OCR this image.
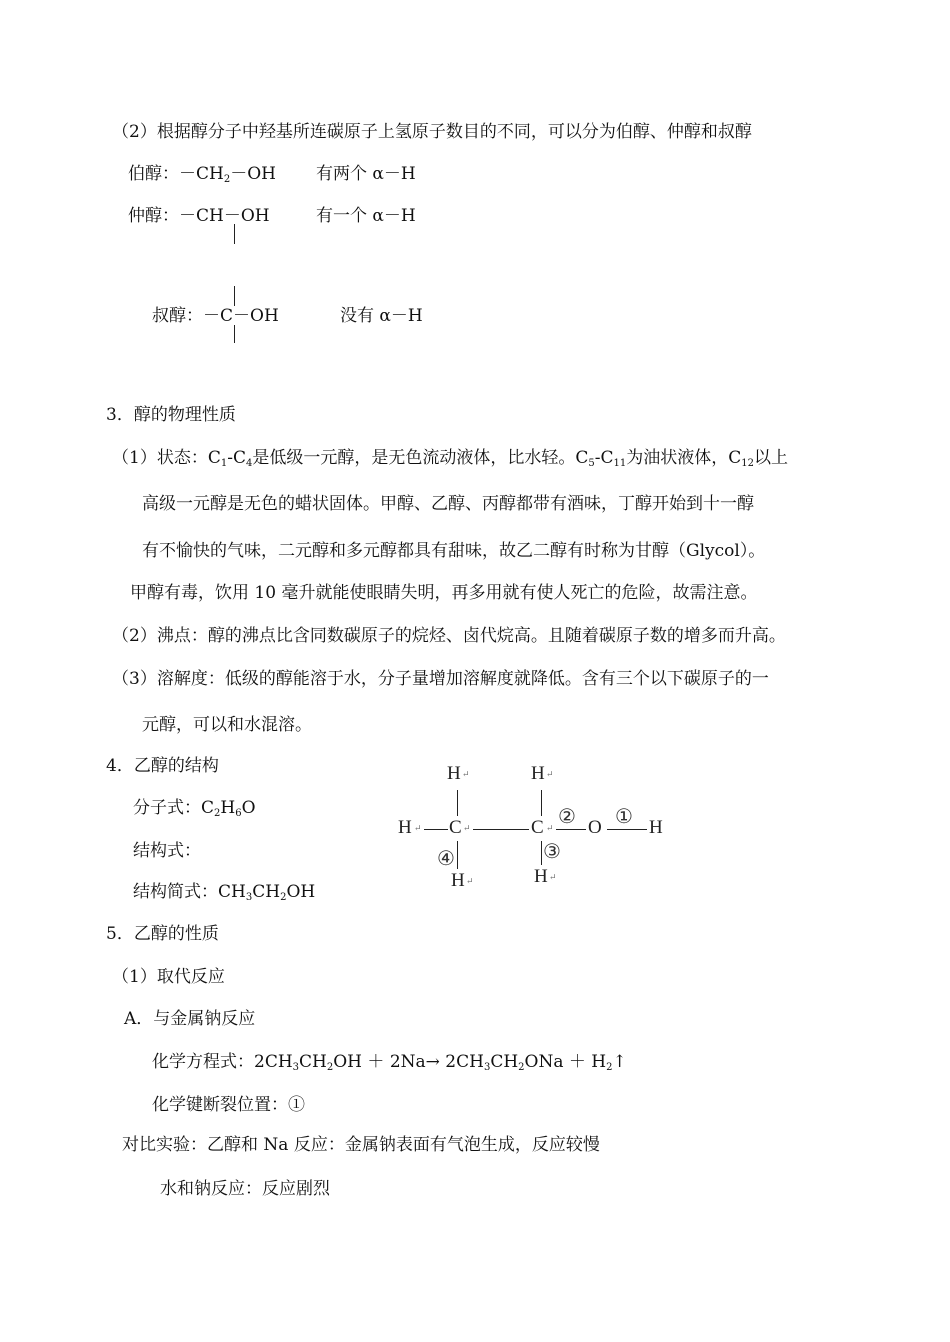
（2）根据醇分子中羟基所连碳原子上氢原子数目的不同，可以分为伯醇、仲醇和叔醇
伯醇：$-CH_2-OH$ 有两个 α－H
仲醇：－CH－OH	有一个 α－H
叔醇：－C－OH	没有 α－H
3．醇的物理性质
（1）状态：$C_1-C_4$是低级一元醇，是无色流动液体，比水轻。$C_5-C_{11}$为油状液体，$C_{12}$以上
高级一元醇是无色的蜡状固体。甲醇、乙醇、丙醇都带有酒味，丁醇开始到十一醇
有不愉快的气味，二元醇和多元醇都具有甜味，故乙二醇有时称为甘醇（Glycol）。
甲醇有毒，饮用 10 毫升就能使眼睛失明，再多用就有使人死亡的危险，故需注意。
（2）沸点：醇的沸点比含同数碳原子的烷烃、卤代烷高。且随着碳原子数的增多而升高。
（3）溶解度：低级的醇能溶于水，分子量增加溶解度就降低。含有三个以下碳原子的一
元醇，可以和水混溶。
4．乙醇的结构
分子式：$C_2H_6O$
结构式：
结构简式：$CH_3CH_2OH$
H ↵	H ↵
H ↵ C ↵	C ↵
② O ① H
④	③
H ↵	H ↵
5．乙醇的性质
（1）取代反应
A．与金属钠反应
化学方程式：$2CH_3CH_2OH + 2Na\to 2CH_3CH_2ONa$ ＋ $H_2↑$
化学键断裂位置：①
对比实验：乙醇和 Na 反应：金属钠表面有气泡生成，反应较慢
水和钠反应：反应剧烈
